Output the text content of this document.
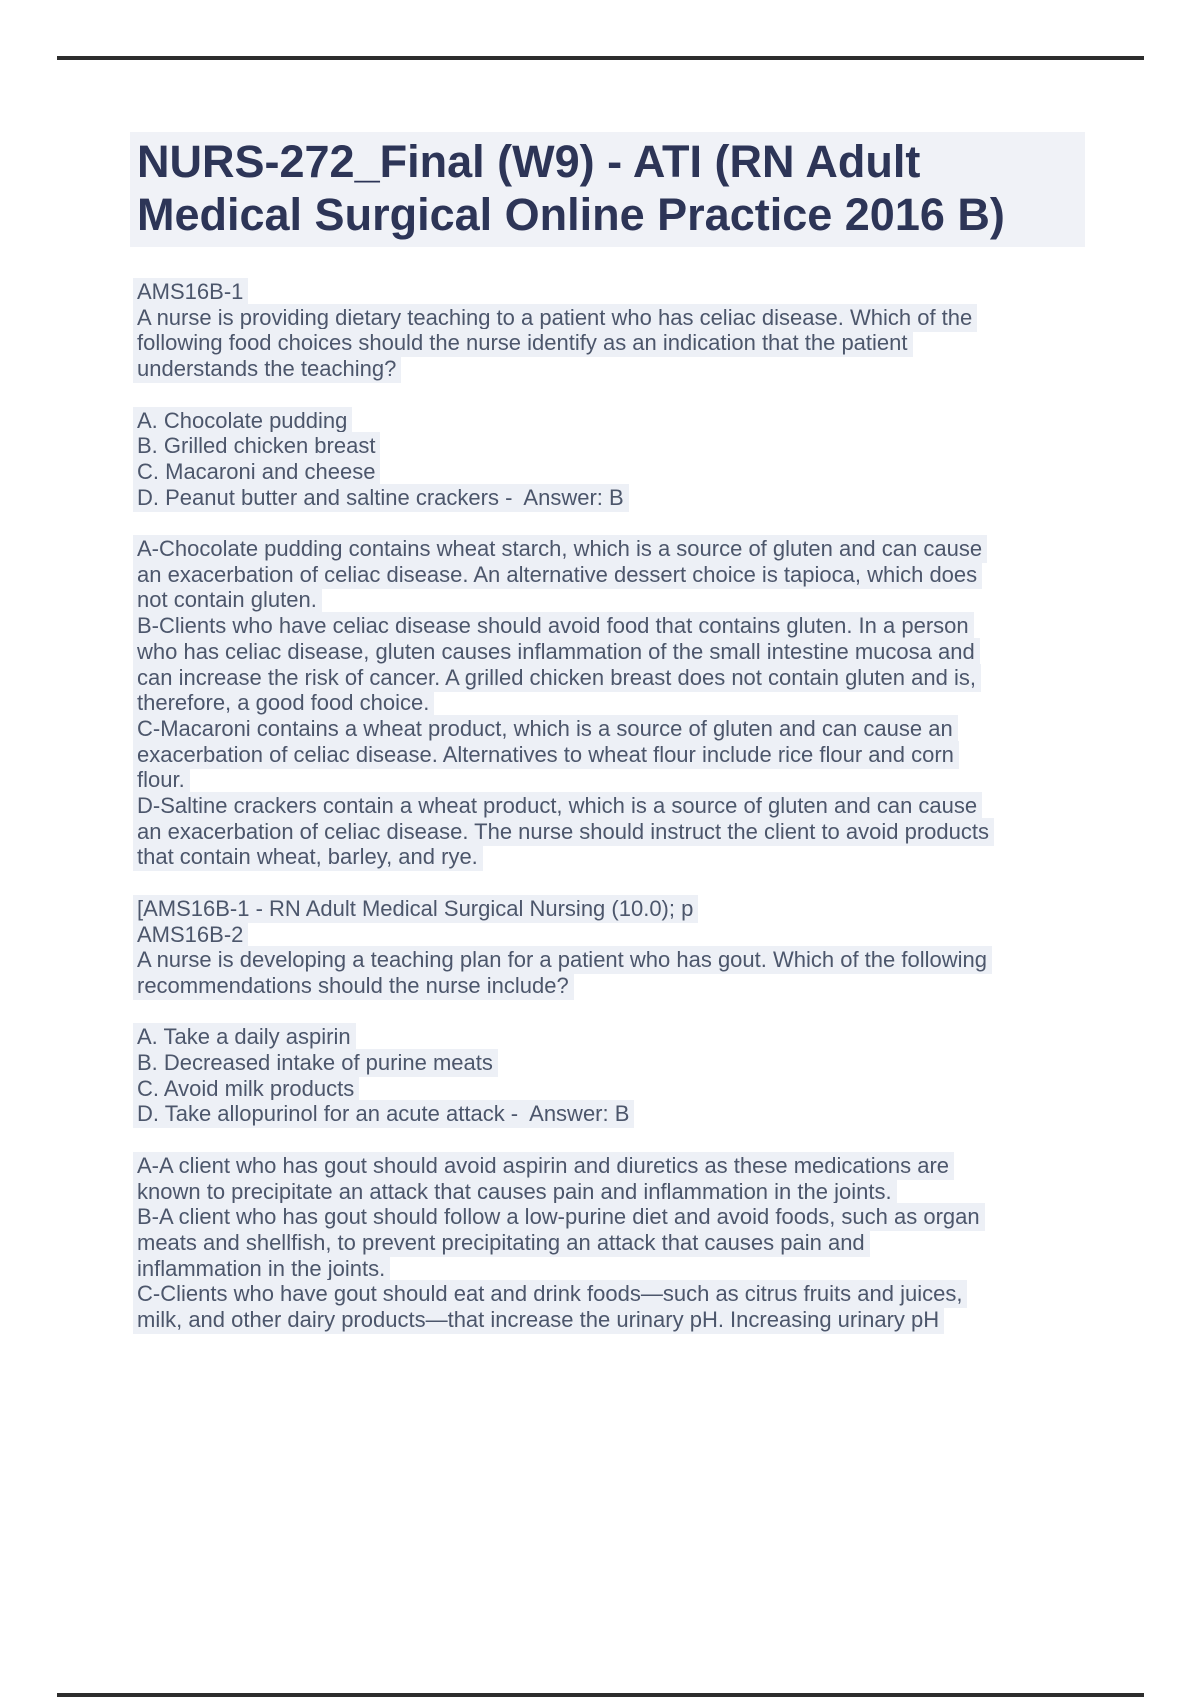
NURS-272_Final (W9) - ATI (RN Adult
Medical Surgical Online Practice 2016 B)
AMS16B-1
A nurse is providing dietary teaching to a patient who has celiac disease. Which of the
following food choices should the nurse identify as an indication that the patient
understands the teaching?
A. Chocolate pudding
B. Grilled chicken breast
C. Macaroni and cheese
D. Peanut butter and saltine crackers -  Answer: B
A-Chocolate pudding contains wheat starch, which is a source of gluten and can cause
an exacerbation of celiac disease. An alternative dessert choice is tapioca, which does
not contain gluten.
B-Clients who have celiac disease should avoid food that contains gluten. In a person
who has celiac disease, gluten causes inflammation of the small intestine mucosa and
can increase the risk of cancer. A grilled chicken breast does not contain gluten and is,
therefore, a good food choice.
C-Macaroni contains a wheat product, which is a source of gluten and can cause an
exacerbation of celiac disease. Alternatives to wheat flour include rice flour and corn
flour.
D-Saltine crackers contain a wheat product, which is a source of gluten and can cause
an exacerbation of celiac disease. The nurse should instruct the client to avoid products
that contain wheat, barley, and rye.
[AMS16B-1 - RN Adult Medical Surgical Nursing (10.0); p
AMS16B-2
A nurse is developing a teaching plan for a patient who has gout. Which of the following
recommendations should the nurse include?
A. Take a daily aspirin
B. Decreased intake of purine meats
C. Avoid milk products
D. Take allopurinol for an acute attack -  Answer: B
A-A client who has gout should avoid aspirin and diuretics as these medications are
known to precipitate an attack that causes pain and inflammation in the joints.
B-A client who has gout should follow a low-purine diet and avoid foods, such as organ
meats and shellfish, to prevent precipitating an attack that causes pain and
inflammation in the joints.
C-Clients who have gout should eat and drink foods—such as citrus fruits and juices,
milk, and other dairy products—that increase the urinary pH. Increasing urinary pH
